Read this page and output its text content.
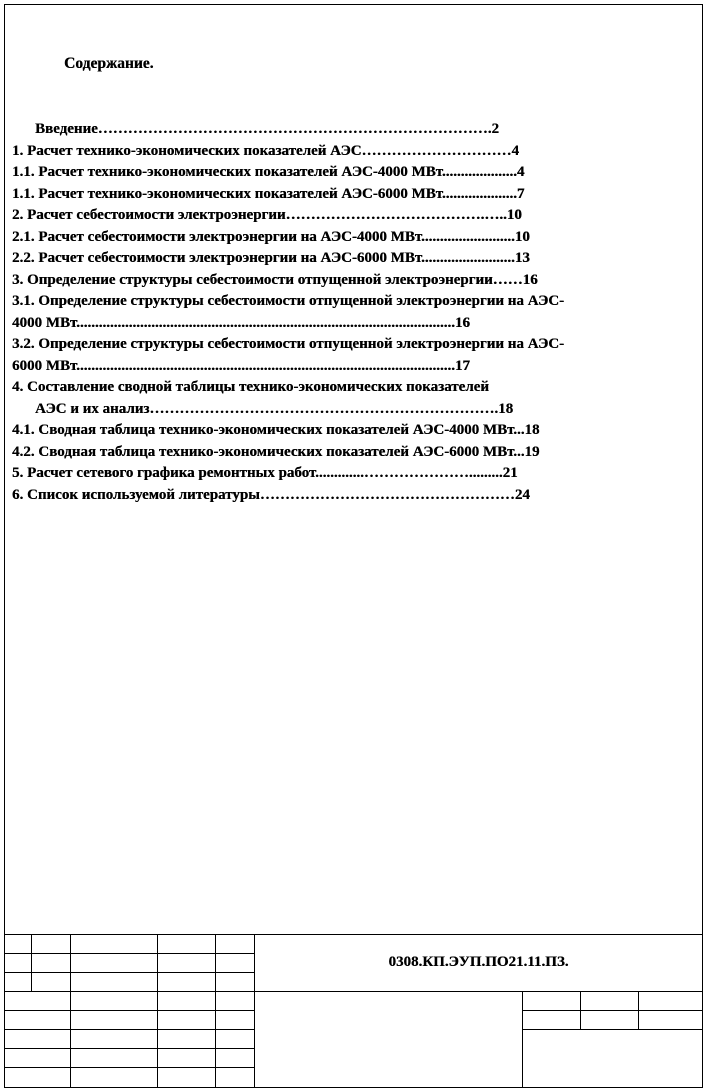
Содержание.
Введение…………………………………………………………………….2
1. Расчет технико-экономических показателей АЭС…………………………4
1.1. Расчет технико-экономических показателей АЭС-4000 МВт....................4
1.1. Расчет технико-экономических показателей АЭС-6000 МВт....................7
2. Расчет себестоимости электроэнергии………………………………….…..10
2.1. Расчет себестоимости электроэнергии на АЭС-4000 МВт.........................10
2.2. Расчет себестоимости электроэнергии на АЭС-6000 МВт.........................13
3. Определение структуры себестоимости отпущенной электроэнергии……16
3.1. Определение структуры себестоимости отпущенной электроэнергии на АЭС-
4000 МВт.....................................................................................................16
3.2. Определение структуры себестоимости отпущенной электроэнергии на АЭС-
6000 МВт.....................................................................................................17
4. Составление сводной таблицы технико-экономических показателей
АЭС и их анализ…………………………………………………………….18
4.1. Сводная таблица технико-экономических показателей АЭС-4000 МВт...18
4.2. Сводная таблица технико-экономических показателей АЭС-6000 МВт...19
5. Расчет сетевого графика ремонтных работ.............………………….........21
6. Список используемой литературы……………………………………………24
0308.КП.ЭУП.ПО21.11.ПЗ.
